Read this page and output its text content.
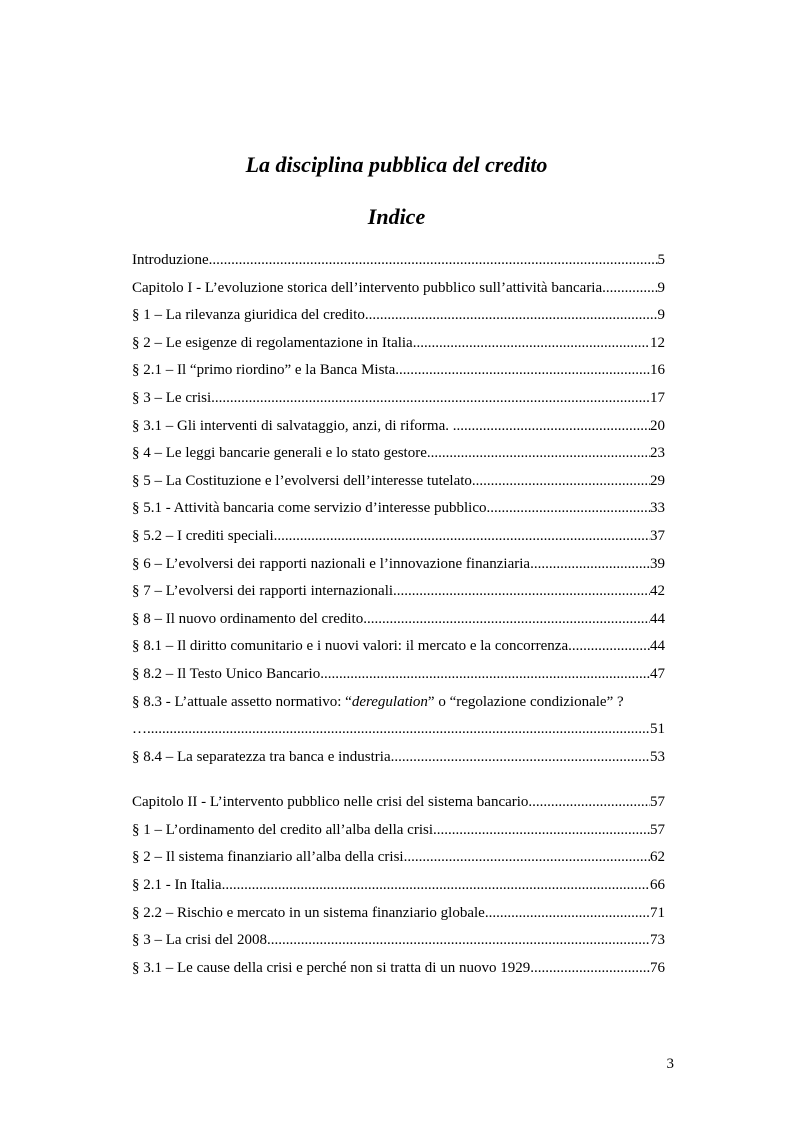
La disciplina pubblica del credito
Indice
Introduzione .....	5
Capitolo I - L’evoluzione storica dell’intervento pubblico sull’attività bancaria .....	9
§ 1 – La rilevanza giuridica del credito .....	9
§ 2 – Le esigenze di regolamentazione in Italia .....	12
§ 2.1 – Il “primo riordino” e la Banca Mista .....	16
§ 3 – Le crisi .....	17
§ 3.1 – Gli interventi di salvataggio, anzi, di riforma. .....	20
§ 4 – Le leggi bancarie generali e lo stato gestore .....	23
§ 5 – La Costituzione e l’evolversi dell’interesse tutelato .....	29
§ 5.1 - Attività bancaria come servizio d’interesse pubblico .....	33
§ 5.2 – I crediti speciali .....	37
§ 6 – L’evolversi dei rapporti nazionali e l’innovazione finanziaria .....	39
§ 7 – L’evolversi dei rapporti internazionali .....	42
§ 8 – Il nuovo ordinamento del credito .....	44
§ 8.1 – Il diritto comunitario e i nuovi valori: il mercato e la concorrenza .....	44
§ 8.2 – Il Testo Unico Bancario .....	47
§ 8.3 - L’attuale assetto normativo: “deregulation” o “regolazione condizionale” ?
… .....	51
§ 8.4 – La separatezza tra banca e industria .....	53
Capitolo II - L’intervento pubblico nelle crisi del sistema bancario .....	57
§ 1 – L’ordinamento del credito all’alba della crisi .....	57
§ 2 – Il sistema finanziario all’alba della crisi .....	62
§ 2.1 - In Italia .....	66
§ 2.2 – Rischio e mercato in un sistema finanziario globale .....	71
§ 3 – La crisi del 2008 .....	73
§ 3.1 – Le cause della crisi e perché non si tratta di un nuovo 1929 .....	76
3
